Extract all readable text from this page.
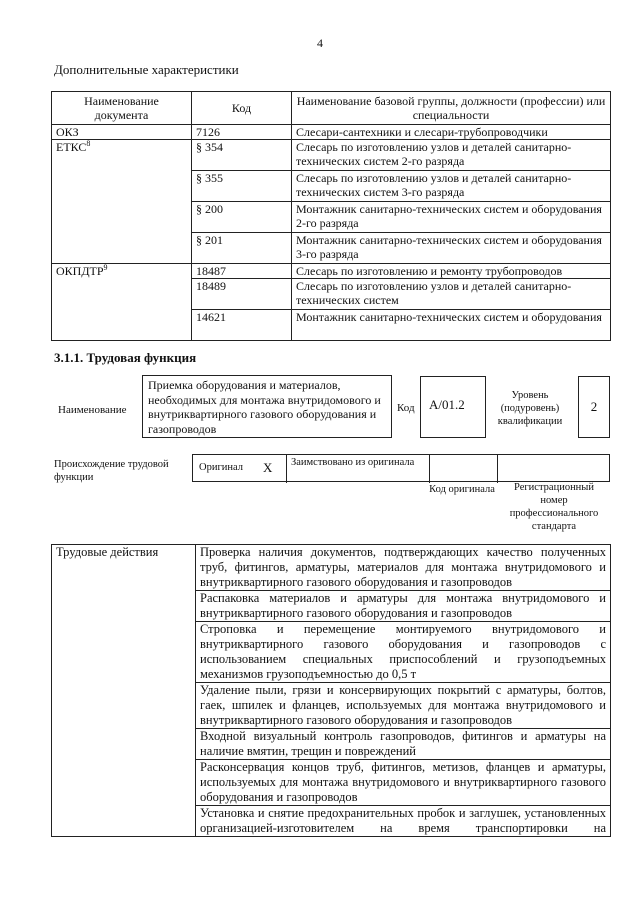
4
Дополнительные характеристики
Наименование документа	Код	Наименование базовой группы, должности (профессии) или специальности
ОКЗ	7126	Слесари-сантехники и слесари-трубопроводчики
ЕТКС$^8$	§ 354	Слесарь по изготовлению узлов и деталей санитарно-технических систем 2-го разряда
	§ 355	Слесарь по изготовлению узлов и деталей санитарно-технических систем 3-го разряда
	§ 200	Монтажник санитарно-технических систем и оборудования 2-го разряда
	§ 201	Монтажник санитарно-технических систем и оборудования 3-го разряда
ОКПДТР$^9$	18487	Слесарь по изготовлению и ремонту трубопроводов
	18489	Слесарь по изготовлению узлов и деталей санитарно-технических систем
	14621	Монтажник санитарно-технических систем и оборудования
3.1.1. Трудовая функция
Наименование
Приемка оборудования и материалов, необходимых для монтажа внутридомового и внутриквартирного газового оборудования и газопроводов
Код	А/01.2
Уровень (подуровень) квалификации
2
Происхождение трудовой функции
Оригинал X Заимствовано из оригинала
Код оригинала	Регистрационный номер профессионального стандарта
Трудовые действия	Проверка наличия документов, подтверждающих качество полученных труб, фитингов, арматуры, материалов для монтажа внутридомового и внутриквартирного газового оборудования и газопроводов
Распаковка материалов и арматуры для монтажа внутридомового и внутриквартирного газового оборудования и газопроводов
Строповка и перемещение монтируемого внутридомового и внутриквартирного газового оборудования и газопроводов с использованием специальных приспособлений и грузоподъемных механизмов грузоподъемностью до 0,5 т
Удаление пыли, грязи и консервирующих покрытий с арматуры, болтов, гаек, шпилек и фланцев, используемых для монтажа внутридомового и внутриквартирного газового оборудования и газопроводов
Входной визуальный контроль газопроводов, фитингов и арматуры на наличие вмятин, трещин и повреждений
Расконсервация концов труб, фитингов, метизов, фланцев и арматуры, используемых для монтажа внутридомового и внутриквартирного газового оборудования и газопроводов
Установка и снятие предохранительных пробок и заглушек, установленных организацией-изготовителем на время транспортировки на
